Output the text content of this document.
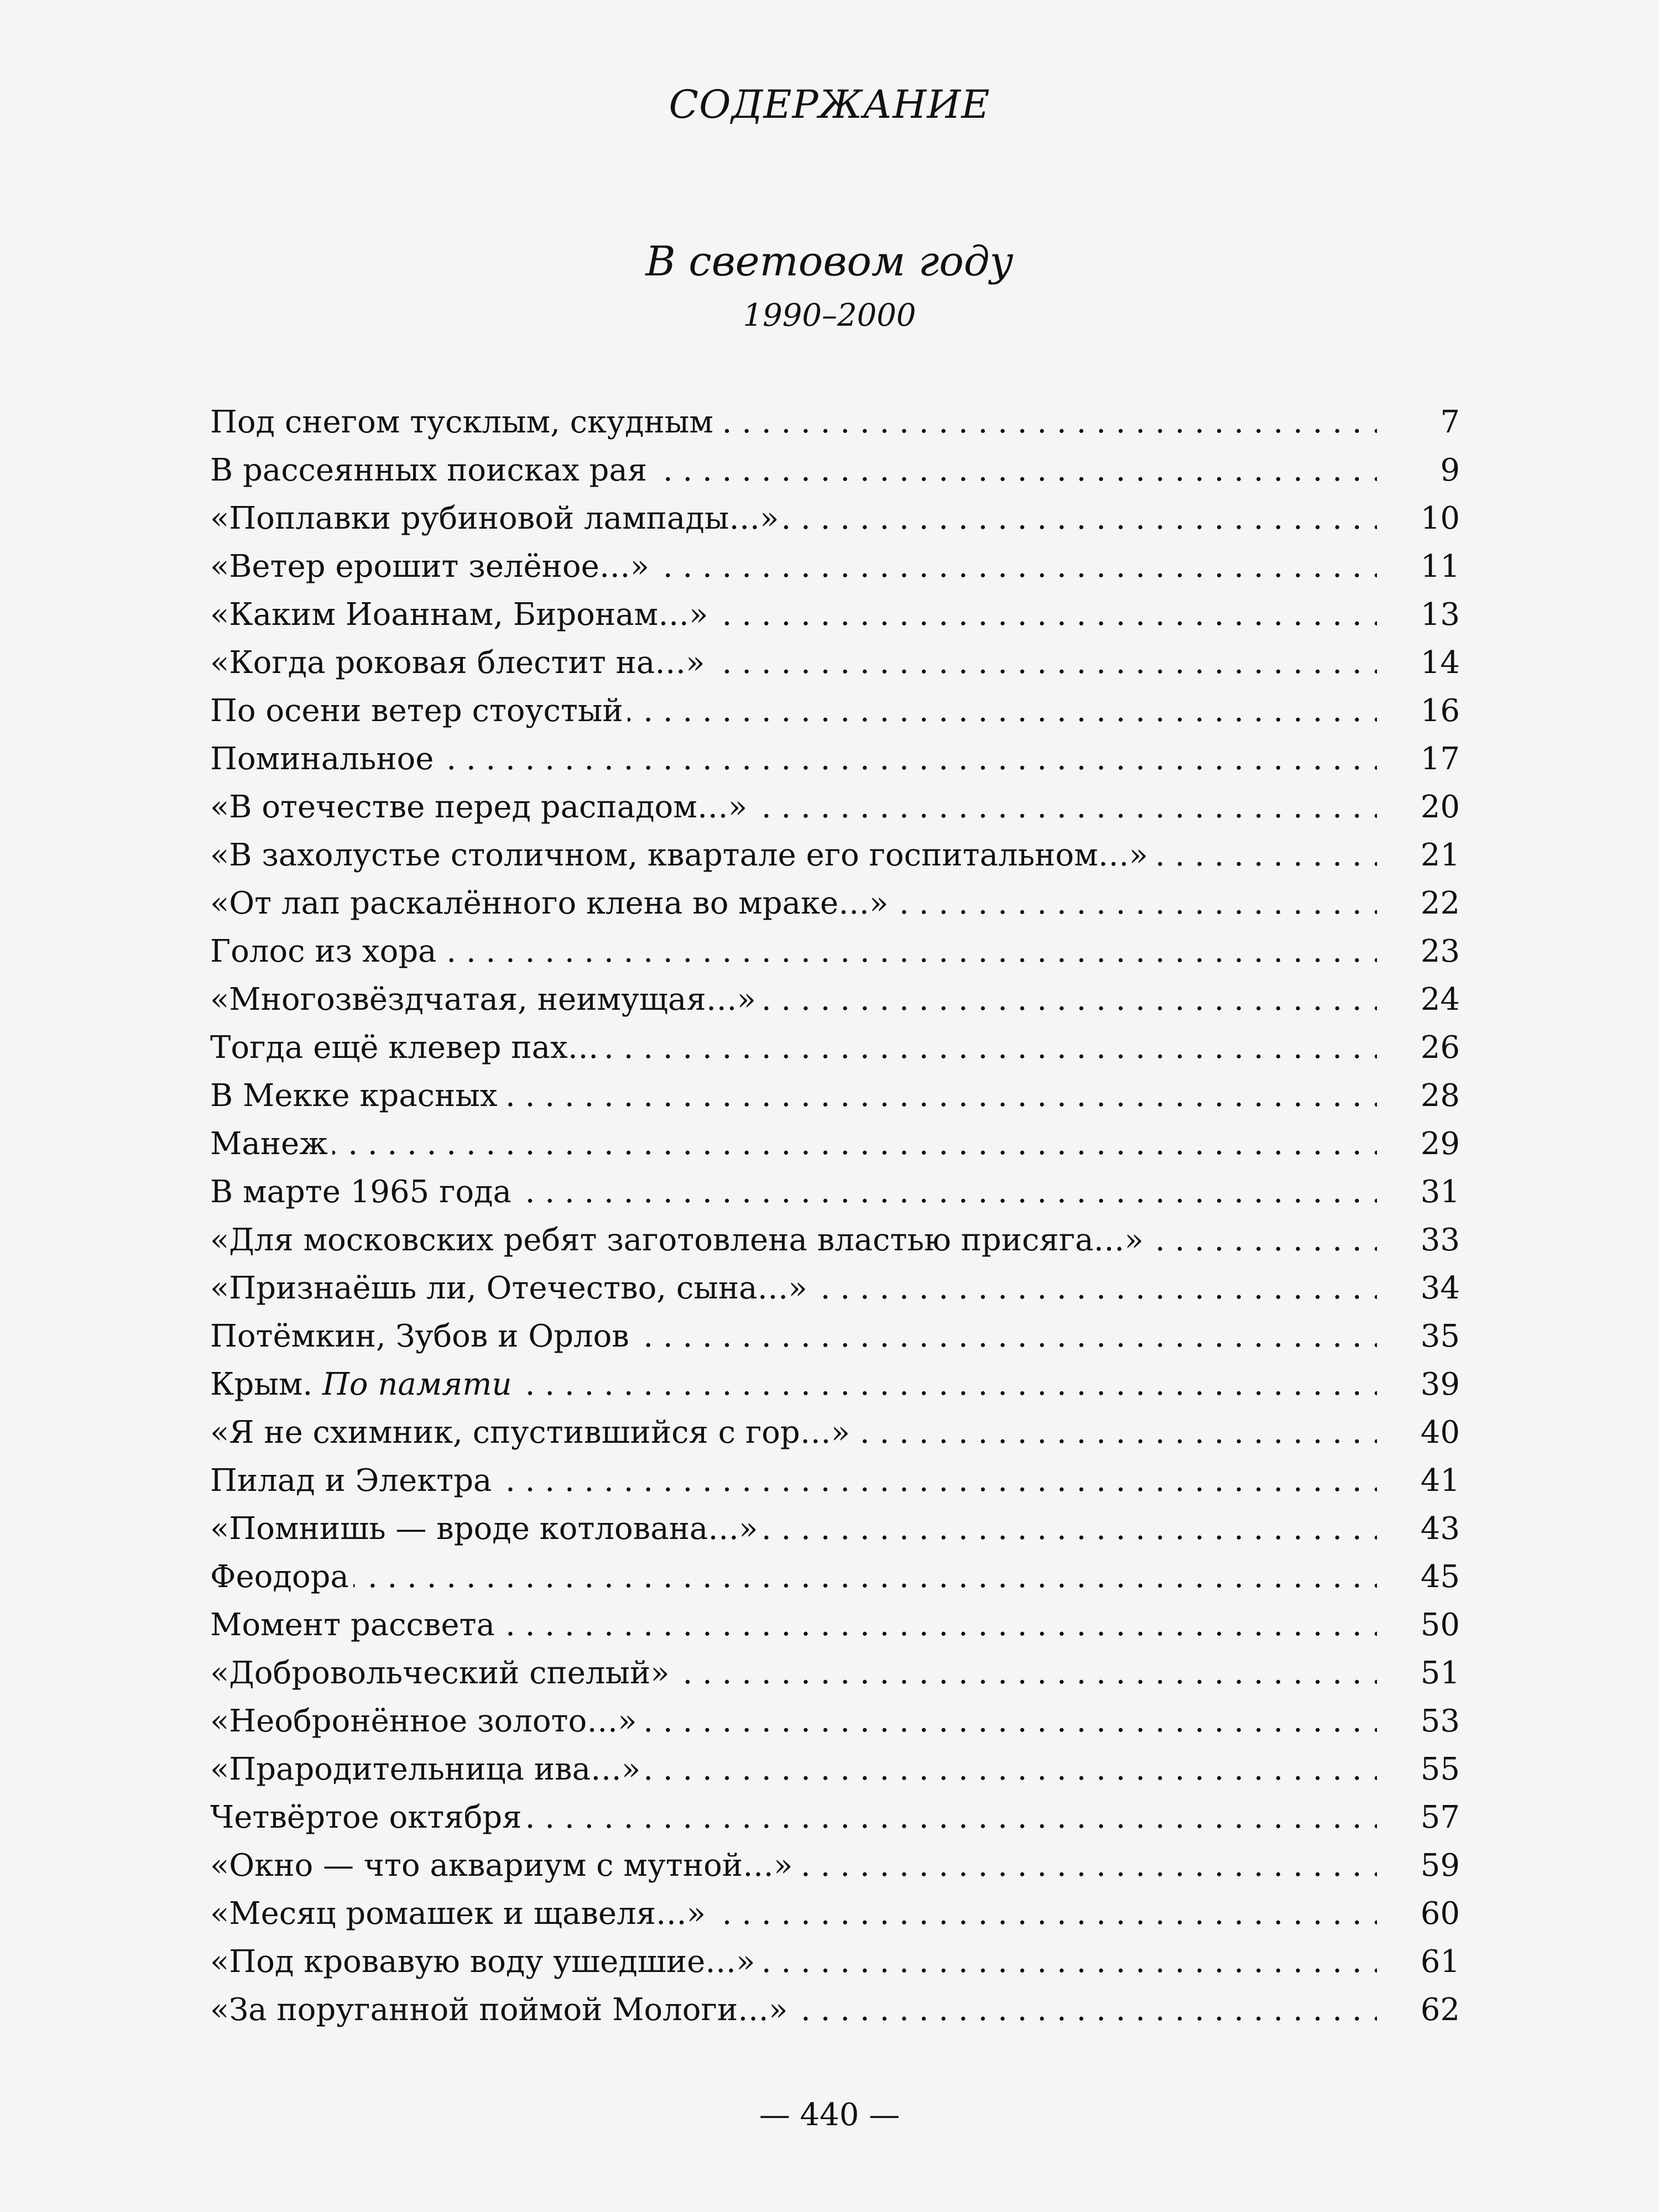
СОДЕРЖАНИЕ
В световом году
1990–2000
Под снегом тусклым, скудным . . .	7
В рассеянных поисках рая . . .	9
«Поплавки рубиновой лампады…» . . .	10
«Ветер ерошит зелёное…» . . .	11
«Каким Иоаннам, Биронам…» . . .	13
«Когда роковая блестит на…» . . .	14
По осени ветер стоустый . . .	16
Поминальное . . .	17
«В отечестве перед распадом…» . . .	20
«В захолустье столичном, квартале его госпитальном…» . . .	21
«От лап раскалённого клена во мраке…» . . .	22
Голос из хора . . .	23
«Многозвёздчатая, неимущая…» . . .	24
Тогда ещё клевер пах… . . .	26
В Мекке красных . . .	28
Манеж . . .	29
В марте 1965 года . . .	31
«Для московских ребят заготовлена властью присяга…» . . .	33
«Признаёшь ли, Отечество, сына…» . . .	34
Потёмкин, Зубов и Орлов . . .	35
Крым. По памяти . . .	39
«Я не схимник, спустившийся с гор…» . . .	40
Пилад и Электра . . .	41
«Помнишь — вроде котлована…» . . .	43
Феодора . . .	45
Момент рассвета . . .	50
«Добровольческий спелый» . . .	51
«Необронённое золото…» . . .	53
«Прародительница ива…» . . .	55
Четвёртое октября . . .	57
«Окно — что аквариум с мутной…» . . .	59
«Месяц ромашек и щавеля…» . . .	60
«Под кровавую воду ушедшие…» . . .	61
«За поруганной поймой Мологи…» . . .	62
— 440 —
